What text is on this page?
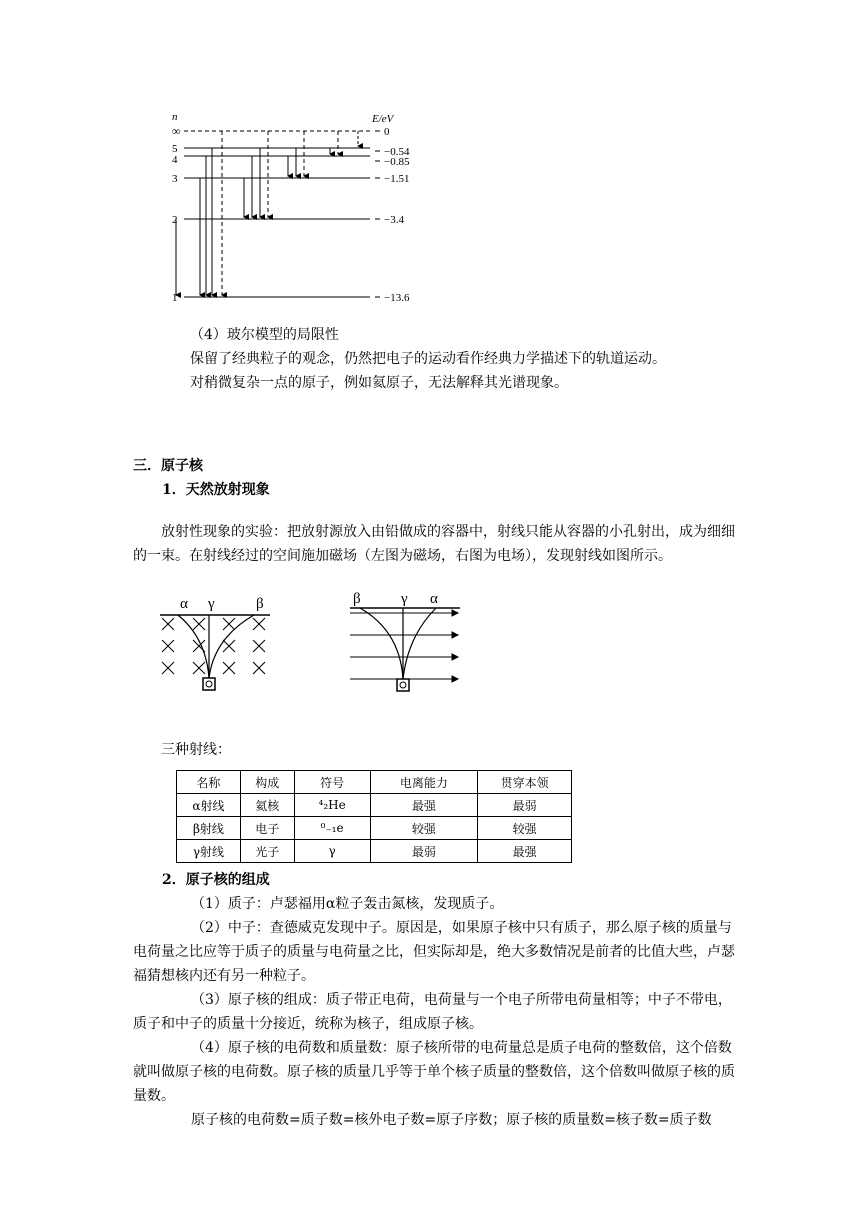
n	E/eV
∞
5
4
3
2
1
0
−0.54
−0.85
−1.51
−3.4
−13.6
（4）玻尔模型的局限性
保留了经典粒子的观念，仍然把电子的运动看作经典力学描述下的轨道运动。
对稍微复杂一点的原子，例如氦原子，无法解释其光谱现象。
三．原子核
1．天然放射现象
放射性现象的实验：把放射源放入由铅做成的容器中，射线只能从容器的小孔射出，成为细细的一束。在射线经过的空间施加磁场（左图为磁场，右图为电场），发现射线如图所示。
α γ	β	β	γ α
三种射线：
名称	构成	符号	电离能力	贯穿本领
α射线	氦核	⁴₂He	最强	最弱
β射线	电子	⁰₋₁e	较强	较强
γ射线	光子	γ	最弱	最强
2．原子核的组成
（1）质子：卢瑟福用α粒子轰击氮核，发现质子。
（2）中子：查德威克发现中子。原因是，如果原子核中只有质子，那么原子核的质量与电荷量之比应等于质子的质量与电荷量之比，但实际却是，绝大多数情况是前者的比值大些，卢瑟福猜想核内还有另一种粒子。
（3）原子核的组成：质子带正电荷，电荷量与一个电子所带电荷量相等；中子不带电，质子和中子的质量十分接近，统称为核子，组成原子核。
（4）原子核的电荷数和质量数：原子核所带的电荷量总是质子电荷的整数倍，这个倍数就叫做原子核的电荷数。原子核的质量几乎等于单个核子质量的整数倍，这个倍数叫做原子核的质量数。
原子核的电荷数=质子数=核外电子数=原子序数；原子核的质量数=核子数=质子数
